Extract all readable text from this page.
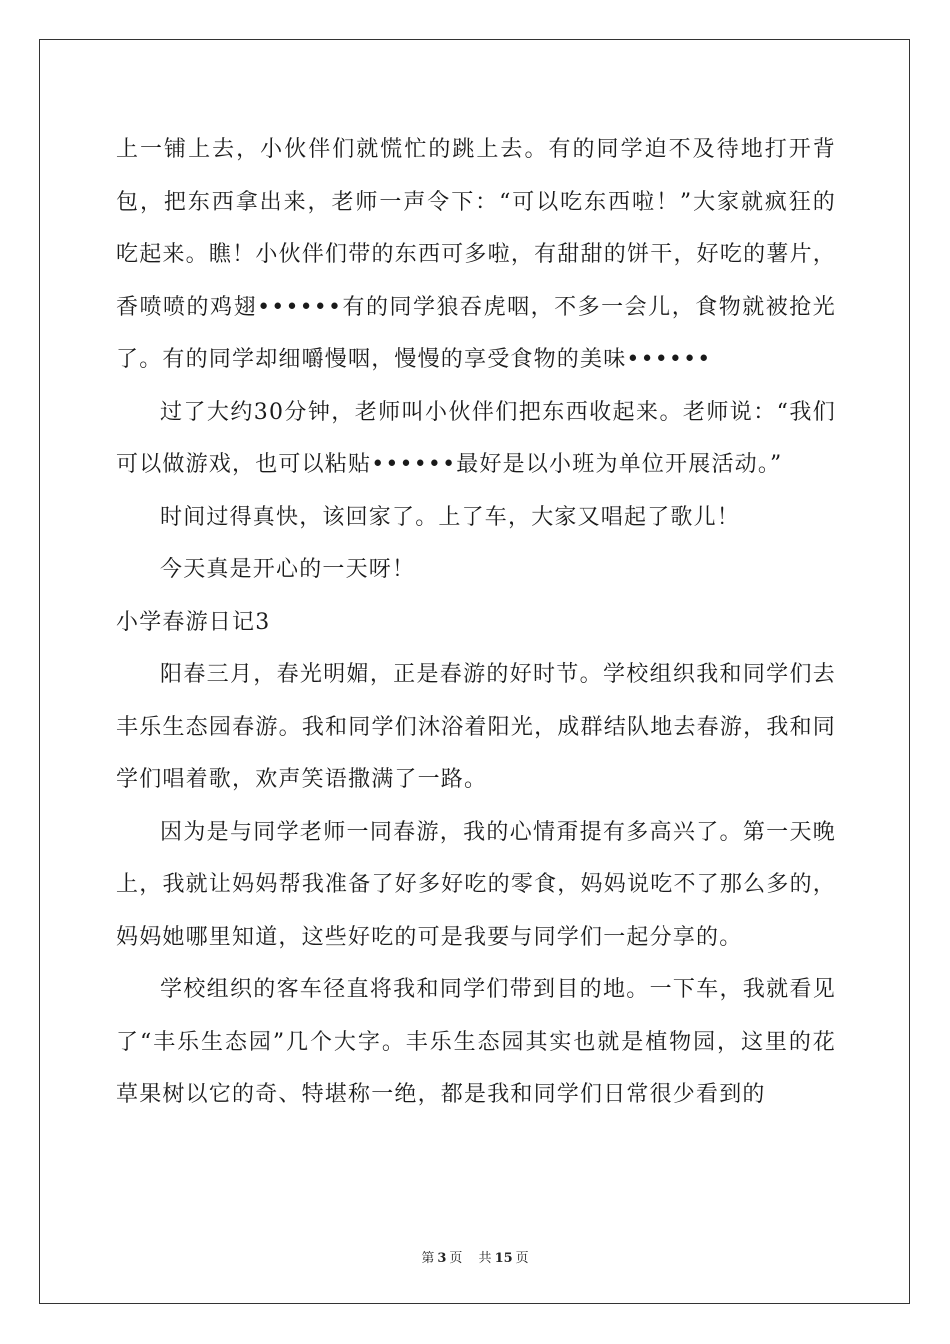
上一铺上去，小伙伴们就慌忙的跳上去。有的同学迫不及待地打开背包，把东西拿出来，老师一声令下：“可以吃东西啦！”大家就疯狂的吃起来。瞧！小伙伴们带的东西可多啦，有甜甜的饼干，好吃的薯片，香喷喷的鸡翅••••••有的同学狼吞虎咽，不多一会儿，食物就被抢光了。有的同学却细嚼慢咽，慢慢的享受食物的美味••••••

过了大约30分钟，老师叫小伙伴们把东西收起来。老师说：“我们可以做游戏，也可以粘贴••••••最好是以小班为单位开展活动。”

时间过得真快，该回家了。上了车，大家又唱起了歌儿！

今天真是开心的一天呀！

小学春游日记3

阳春三月，春光明媚，正是春游的好时节。学校组织我和同学们去丰乐生态园春游。我和同学们沐浴着阳光，成群结队地去春游，我和同学们唱着歌，欢声笑语撒满了一路。

因为是与同学老师一同春游，我的心情甭提有多高兴了。第一天晚上，我就让妈妈帮我准备了好多好吃的零食，妈妈说吃不了那么多的，妈妈她哪里知道，这些好吃的可是我要与同学们一起分享的。

学校组织的客车径直将我和同学们带到目的地。一下车，我就看见了“丰乐生态园”几个大字。丰乐生态园其实也就是植物园，这里的花草果树以它的奇、特堪称一绝，都是我和同学们日常很少看到的

第 3 页 共 15 页
